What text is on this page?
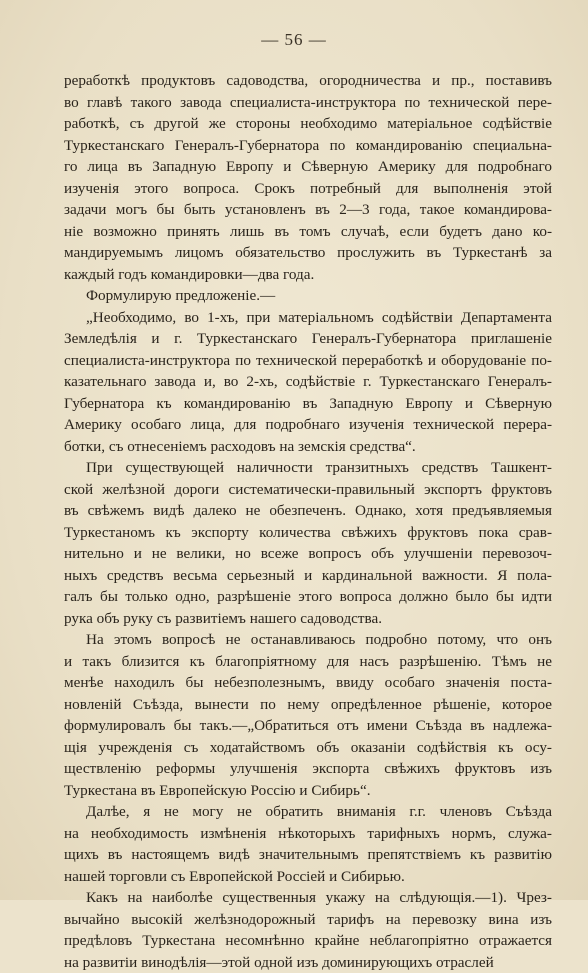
— 56 —

реработкѣ продуктовъ садоводства, огородничества и пр., поставивъ
во главѣ такого завода специалиста-инструктора по технической пере-
работкѣ, съ другой же стороны необходимо матеріальное содѣйствіе
Туркестанскаго Генералъ-Губернатора по командированію специальна-
го лица въ Западную Европу и Сѣверную Америку для подробнаго
изученія этого вопроса. Срокъ потребный для выполненія этой
задачи могъ бы быть установленъ въ 2—3 года, такое командирова-
ніе возможно принять лишь въ томъ случаѣ, если будетъ дано ко-
мандируемымъ лицомъ обязательство прослужить въ Туркестанѣ за
каждый годъ командировки—два года.

Формулирую предложеніе.—

„Необходимо, во 1-хъ, при матеріальномъ содѣйствіи Департамента
Земледѣлія и г. Туркестанскаго Генералъ-Губернатора приглашеніе
специалиста-инструктора по технической переработкѣ и оборудованіе по-
казательнаго завода и, во 2-хъ, содѣйствіе г. Туркестанскаго Генералъ-
Губернатора къ командированію въ Западную Европу и Сѣверную
Америку особаго лица, для подробнаго изученія технической перера-
ботки, съ отнесеніемъ расходовъ на земскія средства“.

При существующей наличности транзитныхъ средствъ Ташкент-
ской желѣзной дороги систематически-правильный экспортъ фруктовъ
въ свѣжемъ видѣ далеко не обезпеченъ. Однако, хотя предъявляемыя
Туркестаномъ къ экспорту количества свѣжихъ фруктовъ пока срав-
нительно и не велики, но всеже вопросъ объ улучшеніи перевозоч-
ныхъ средствъ весьма серьезный и кардинальной важности. Я пола-
галъ бы только одно, разрѣшеніе этого вопроса должно было бы идти
рука объ руку съ развитіемъ нашего садоводства.

На этомъ вопросѣ не останавливаюсь подробно потому, что онъ
и такъ близится къ благопріятному для насъ разрѣшенію. Тѣмъ не
менѣе находилъ бы небезполезнымъ, ввиду особаго значенія поста-
новленій Съѣзда, вынести по нему опредѣленное рѣшеніе, которое
формулировалъ бы такъ.—„Обратиться отъ имени Съѣзда въ надлежа-
щія учрежденія съ ходатайствомъ объ оказаніи содѣйствія къ осу-
ществленію реформы улучшенія экспорта свѣжихъ фруктовъ изъ
Туркестана въ Европейскую Россію и Сибирь“.

Далѣе, я не могу не обратить вниманія г.г. членовъ Съѣзда
на необходимость измѣненія нѣкоторыхъ тарифныхъ нормъ, служа-
щихъ въ настоящемъ видѣ значительнымъ препятствіемъ къ развитію
нашей торговли съ Европейской Россіей и Сибирью.

Какъ на наиболѣе существенныя укажу на слѣдующія.—1). Чрез-
вычайно высокій желѣзнодорожный тарифъ на перевозку вина изъ
предѣловъ Туркестана несомнѣнно крайне неблагопріятно отражается
на развитіи винодѣлія—этой одной изъ доминирующихъ отраслей
